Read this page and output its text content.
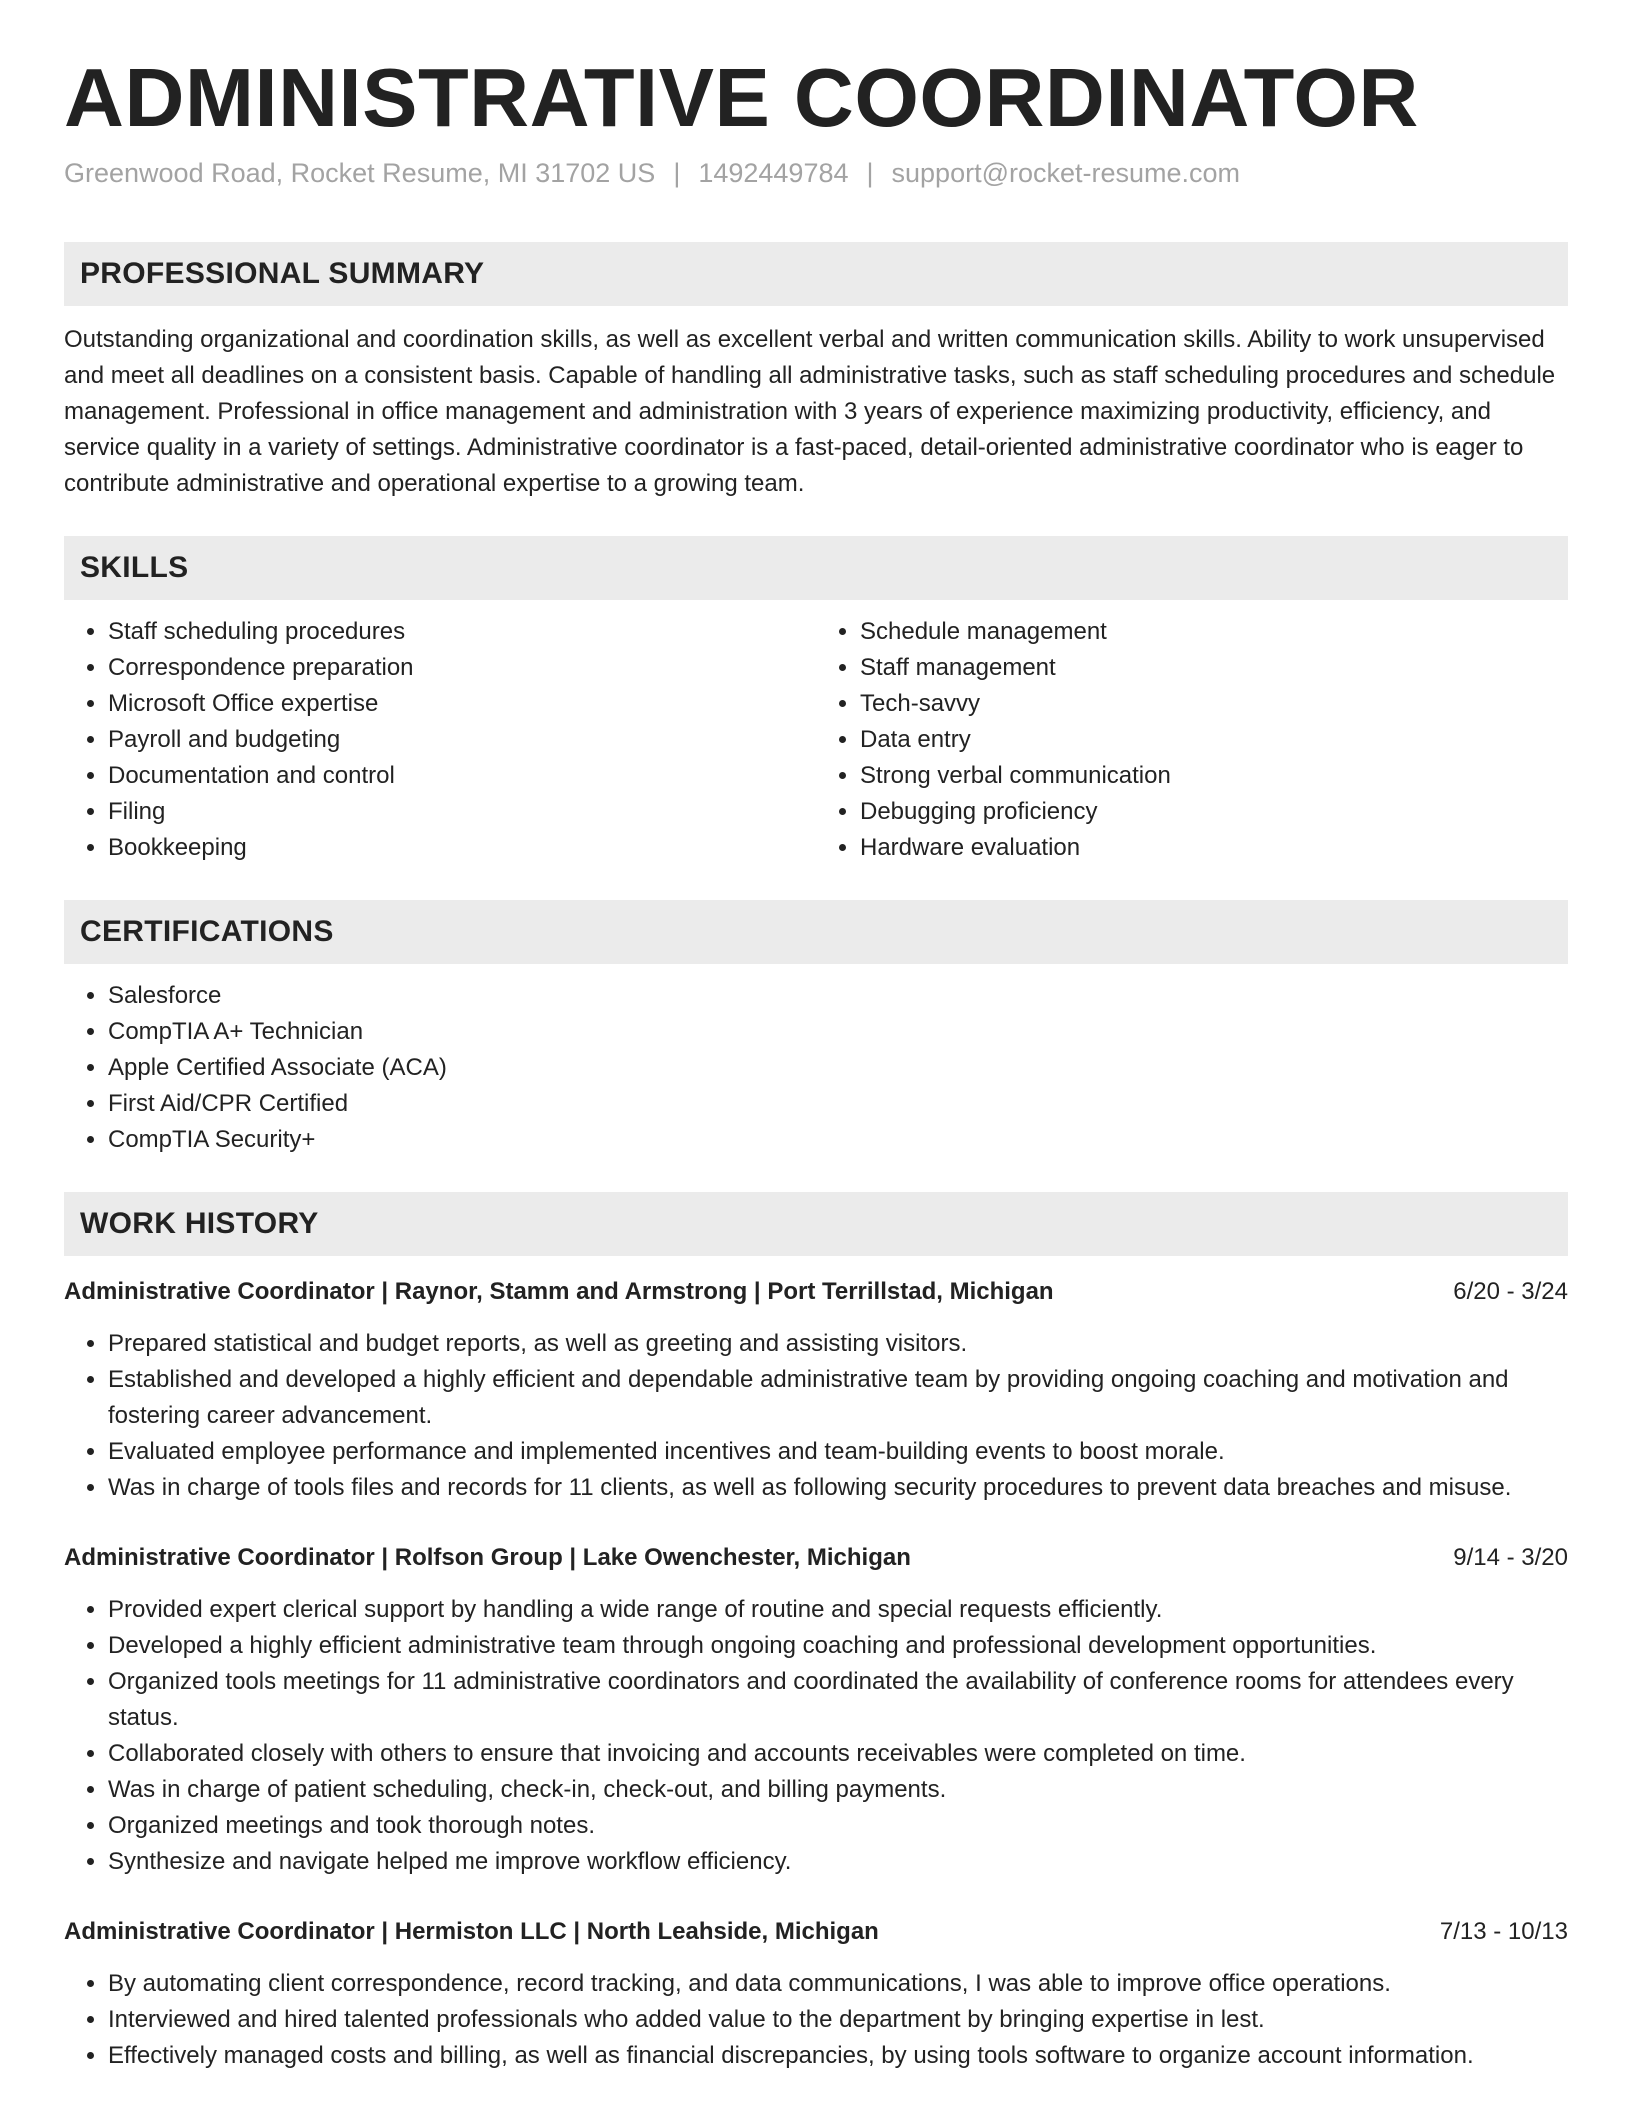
ADMINISTRATIVE COORDINATOR
Greenwood Road, Rocket Resume, MI 31702 US | 1492449784 | support@rocket-resume.com
PROFESSIONAL SUMMARY
Outstanding organizational and coordination skills, as well as excellent verbal and written communication skills. Ability to work unsupervised and meet all deadlines on a consistent basis. Capable of handling all administrative tasks, such as staff scheduling procedures and schedule management. Professional in office management and administration with 3 years of experience maximizing productivity, efficiency, and service quality in a variety of settings. Administrative coordinator is a fast-paced, detail-oriented administrative coordinator who is eager to contribute administrative and operational expertise to a growing team.
SKILLS
• Staff scheduling procedures
• Correspondence preparation
• Microsoft Office expertise
• Payroll and budgeting
• Documentation and control
• Filing
• Bookkeeping
• Schedule management
• Staff management
• Tech-savvy
• Data entry
• Strong verbal communication
• Debugging proficiency
• Hardware evaluation
CERTIFICATIONS
• Salesforce
• CompTIA A+ Technician
• Apple Certified Associate (ACA)
• First Aid/CPR Certified
• CompTIA Security+
WORK HISTORY
Administrative Coordinator | Raynor, Stamm and Armstrong | Port Terrillstad, Michigan	6/20 - 3/24
• Prepared statistical and budget reports, as well as greeting and assisting visitors.
• Established and developed a highly efficient and dependable administrative team by providing ongoing coaching and motivation and fostering career advancement.
• Evaluated employee performance and implemented incentives and team-building events to boost morale.
• Was in charge of tools files and records for 11 clients, as well as following security procedures to prevent data breaches and misuse.
Administrative Coordinator | Rolfson Group | Lake Owenchester, Michigan	9/14 - 3/20
• Provided expert clerical support by handling a wide range of routine and special requests efficiently.
• Developed a highly efficient administrative team through ongoing coaching and professional development opportunities.
• Organized tools meetings for 11 administrative coordinators and coordinated the availability of conference rooms for attendees every status.
• Collaborated closely with others to ensure that invoicing and accounts receivables were completed on time.
• Was in charge of patient scheduling, check-in, check-out, and billing payments.
• Organized meetings and took thorough notes.
• Synthesize and navigate helped me improve workflow efficiency.
Administrative Coordinator | Hermiston LLC | North Leahside, Michigan	7/13 - 10/13
• By automating client correspondence, record tracking, and data communications, I was able to improve office operations.
• Interviewed and hired talented professionals who added value to the department by bringing expertise in lest.
• Effectively managed costs and billing, as well as financial discrepancies, by using tools software to organize account information.
